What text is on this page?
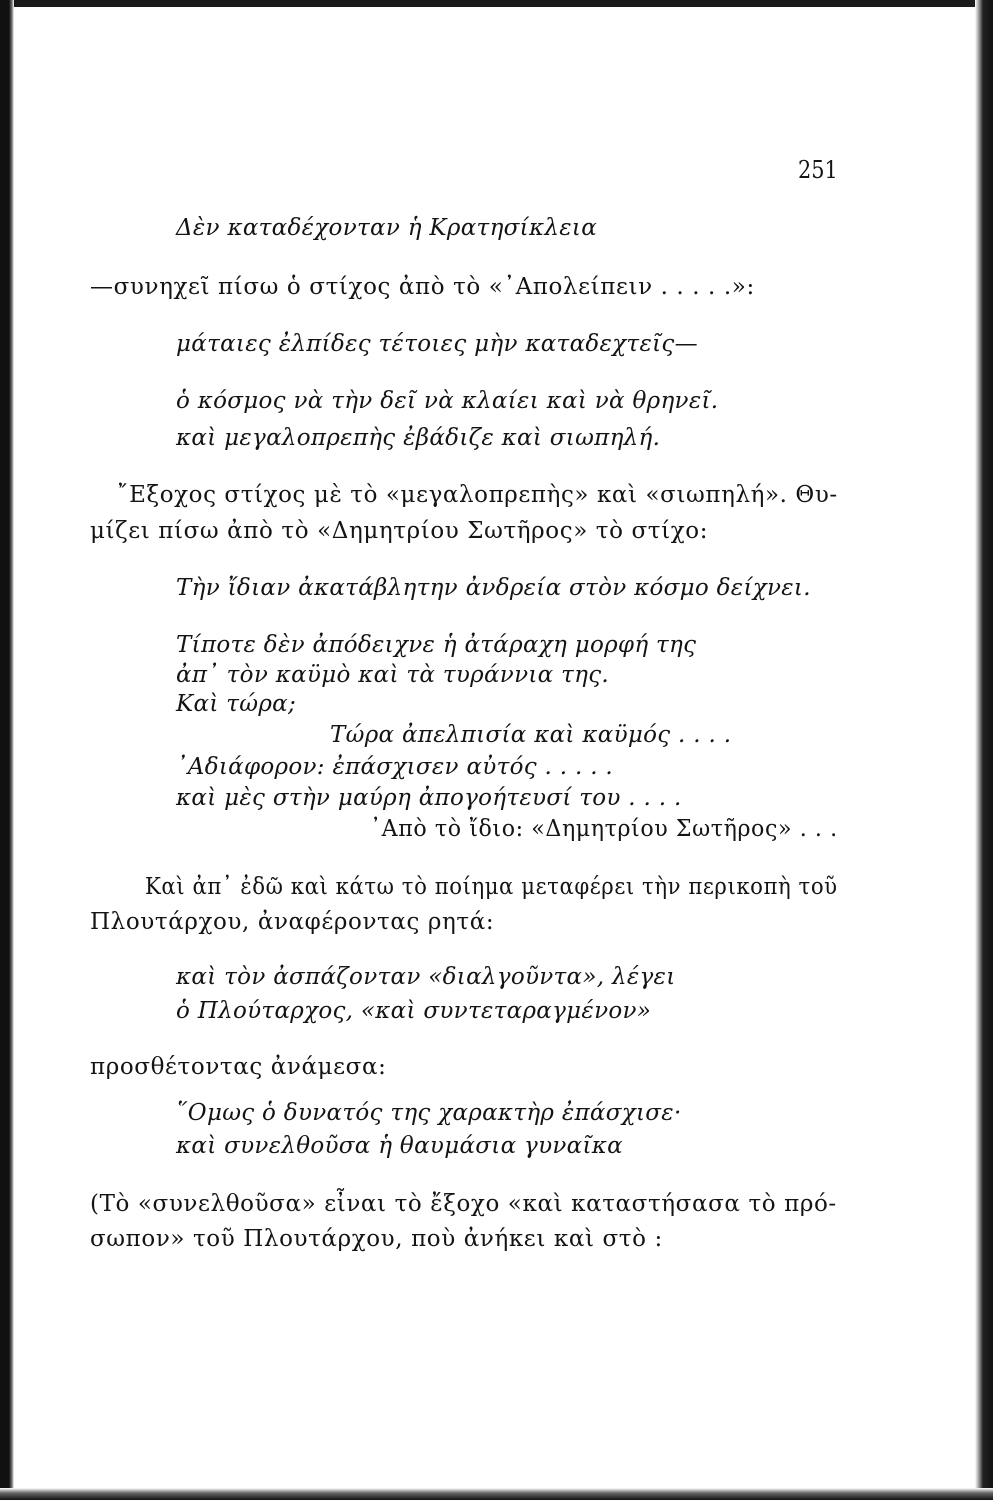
251
Δὲν καταδέχονταν ἡ Κρατησίκλεια
—συνηχεῖ πίσω ὁ στίχος ἀπὸ τὸ «᾿Απολείπειν . . . . .»:
μάταιες ἐλπίδες τέτοιες μὴν καταδεχτεῖς—
ὁ κόσμος νὰ τὴν δεῖ νὰ κλαίει καὶ νὰ θρηνεῖ.
καὶ μεγαλοπρεπὴς ἐβάδιζε καὶ σιωπηλή.
῎Εξοχος στίχος μὲ τὸ «μεγαλοπρεπὴς» καὶ «σιωπηλή». Θυ-
μίζει πίσω ἀπὸ τὸ «Δημητρίου Σωτῆρος» τὸ στίχο:
Τὴν ἴδιαν ἀκατάβλητην ἀνδρεία στὸν κόσμο δείχνει.
Τίποτε δὲν ἀπόδειχνε ἡ ἀτάραχη μορφή της
ἀπ᾿ τὸν καϋμὸ καὶ τὰ τυράννια της.
Καὶ τώρα;
Τώρα ἀπελπισία καὶ καϋμός . . . .
᾿Αδιάφορον: ἐπάσχισεν αὐτός . . . . .
καὶ μὲς στὴν μαύρη ἀπογοήτευσί του . . . .
᾿Απὸ τὸ ἴδιο: «Δημητρίου Σωτῆρος» . . .
Καὶ ἀπ᾿ ἐδῶ καὶ κάτω τὸ ποίημα μεταφέρει τὴν περικοπὴ τοῦ
Πλουτάρχου, ἀναφέροντας ρητά:
καὶ τὸν ἀσπάζονταν «διαλγοῦντα», λέγει
ὁ Πλούταρχος, «καὶ συντεταραγμένον»
προσθέτοντας ἀνάμεσα:
῞Ομως ὁ δυνατός της χαρακτὴρ ἐπάσχισε·
καὶ συνελθοῦσα ἡ θαυμάσια γυναῖκα
(Τὸ «συνελθοῦσα» εἶναι τὸ ἔξοχο «καὶ καταστήσασα τὸ πρό-
σωπον» τοῦ Πλουτάρχου, ποὺ ἀνήκει καὶ στὸ :
